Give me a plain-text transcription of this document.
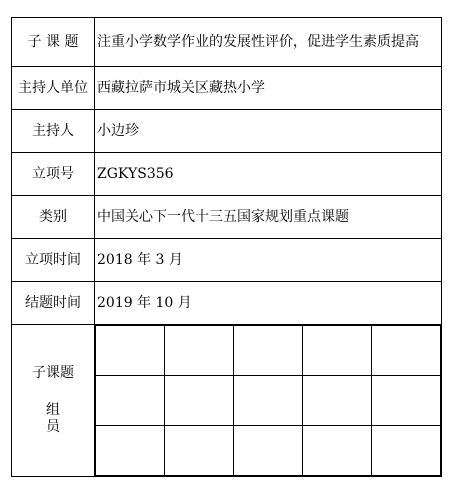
子 课 题	注重小学数学作业的发展性评价，促进学生素质提高
主持人单位	西藏拉萨市城关区藏热小学
主持人	小边珍
立项号	ZGKYS356
类别	中国关心下一代十三五国家规划重点课题
立项时间	2018 年 3 月
结题时间	2019 年 10 月

子课题
组 员
